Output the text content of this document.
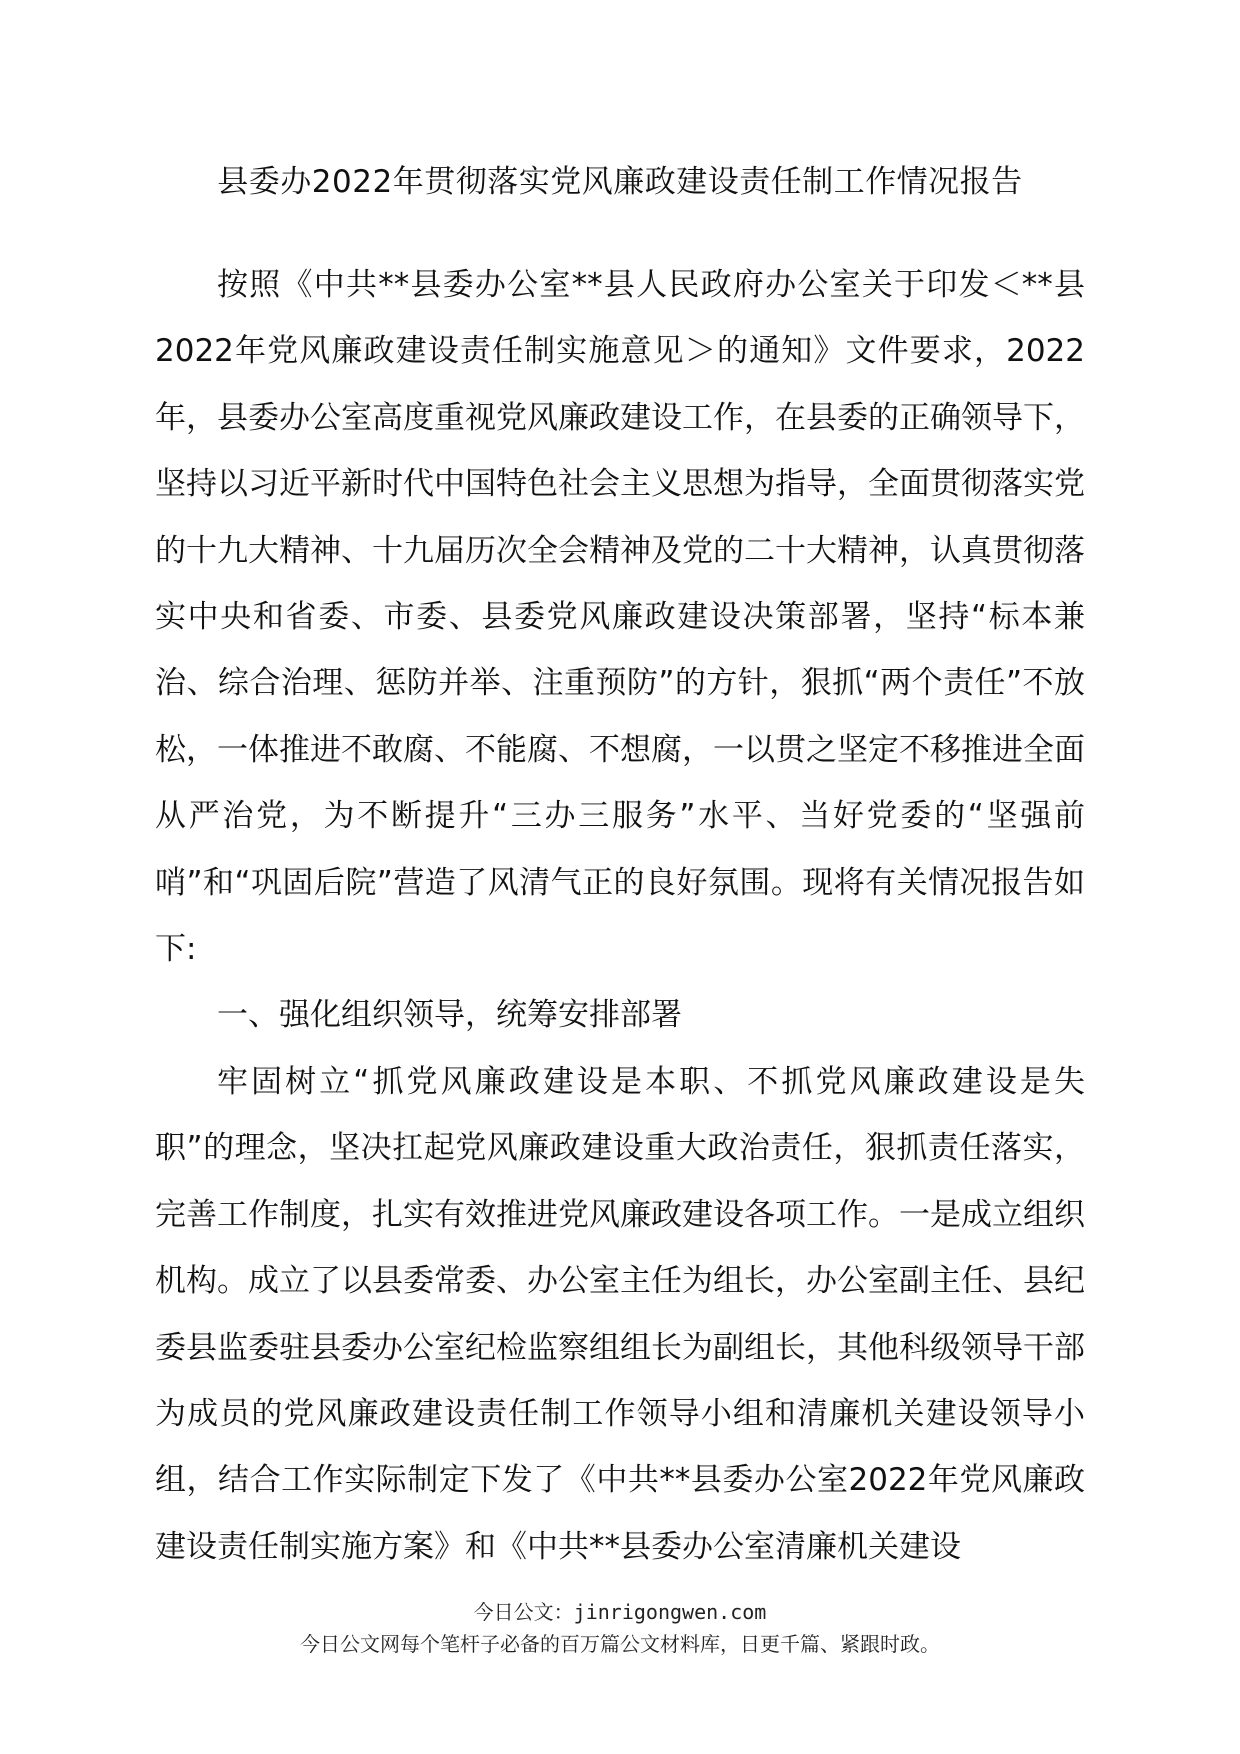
县委办2022年贯彻落实党风廉政建设责任制工作情况报告

按照《中共**县委办公室**县人民政府办公室关于印发＜**县2022年党风廉政建设责任制实施意见＞的通知》文件要求，2022年，县委办公室高度重视党风廉政建设工作，在县委的正确领导下，坚持以习近平新时代中国特色社会主义思想为指导，全面贯彻落实党的十九大精神、十九届历次全会精神及党的二十大精神，认真贯彻落实中央和省委、市委、县委党风廉政建设决策部署，坚持“标本兼治、综合治理、惩防并举、注重预防”的方针，狠抓“两个责任”不放松，一体推进不敢腐、不能腐、不想腐，一以贯之坚定不移推进全面从严治党，为不断提升“三办三服务”水平、当好党委的“坚强前哨”和“巩固后院”营造了风清气正的良好氛围。现将有关情况报告如下:

一、强化组织领导，统筹安排部署

牢固树立“抓党风廉政建设是本职、不抓党风廉政建设是失职”的理念，坚决扛起党风廉政建设重大政治责任，狠抓责任落实，完善工作制度，扎实有效推进党风廉政建设各项工作。一是成立组织机构。成立了以县委常委、办公室主任为组长，办公室副主任、县纪委县监委驻县委办公室纪检监察组组长为副组长，其他科级领导干部为成员的党风廉政建设责任制工作领导小组和清廉机关建设领导小组，结合工作实际制定下发了《中共**县委办公室2022年党风廉政建设责任制实施方案》和《中共**县委办公室清廉机关建设

今日公文：jinrigongwen.com
今日公文网每个笔杆子必备的百万篇公文材料库，日更千篇、紧跟时政。
